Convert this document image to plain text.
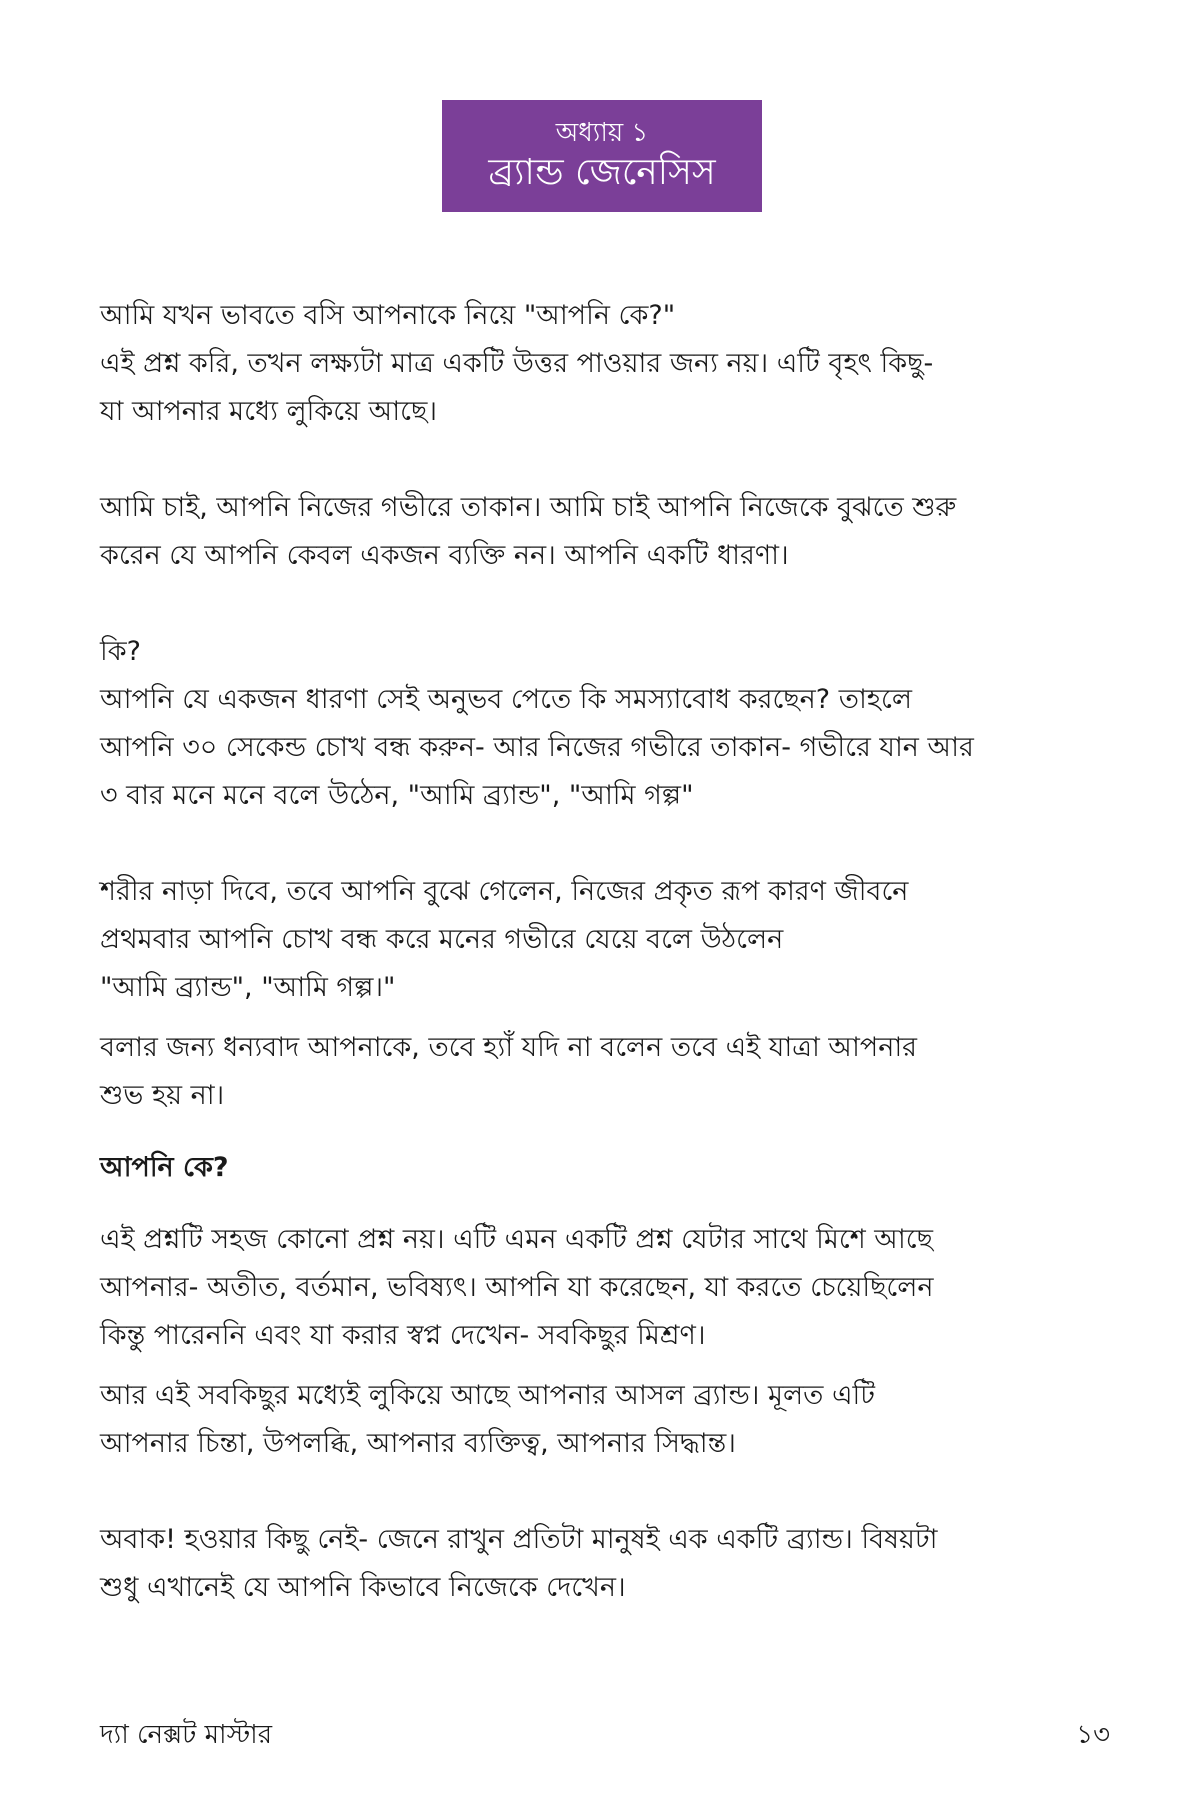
অধ্যায় ১
ব্র্যান্ড জেনেসিস

আমি যখন ভাবতে বসি আপনাকে নিয়ে "আপনি কে?"
এই প্রশ্ন করি, তখন লক্ষ্যটা মাত্র একটি উত্তর পাওয়ার জন্য নয়। এটি বৃহৎ কিছু-
যা আপনার মধ্যে লুকিয়ে আছে।

আমি চাই, আপনি নিজের গভীরে তাকান। আমি চাই আপনি নিজেকে বুঝতে শুরু
করেন যে আপনি কেবল একজন ব্যক্তি নন। আপনি একটি ধারণা।

কি?
আপনি যে একজন ধারণা সেই অনুভব পেতে কি সমস্যাবোধ করছেন? তাহলে
আপনি ৩০ সেকেন্ড চোখ বন্ধ করুন- আর নিজের গভীরে তাকান- গভীরে যান আর
৩ বার মনে মনে বলে উঠেন, "আমি ব্র্যান্ড", "আমি গল্প"

শরীর নাড়া দিবে, তবে আপনি বুঝে গেলেন, নিজের প্রকৃত রূপ কারণ জীবনে
প্রথমবার আপনি চোখ বন্ধ করে মনের গভীরে যেয়ে বলে উঠলেন
"আমি ব্র্যান্ড", "আমি গল্প।"

বলার জন্য ধন্যবাদ আপনাকে, তবে হ্যাঁ যদি না বলেন তবে এই যাত্রা আপনার
শুভ হয় না।

আপনি কে?

এই প্রশ্নটি সহজ কোনো প্রশ্ন নয়। এটি এমন একটি প্রশ্ন যেটার সাথে মিশে আছে
আপনার- অতীত, বর্তমান, ভবিষ্যৎ। আপনি যা করেছেন, যা করতে চেয়েছিলেন
কিন্তু পারেননি এবং যা করার স্বপ্ন দেখেন- সবকিছুর মিশ্রণ।

আর এই সবকিছুর মধ্যেই লুকিয়ে আছে আপনার আসল ব্র্যান্ড। মূলত এটি
আপনার চিন্তা, উপলব্ধি, আপনার ব্যক্তিত্ব, আপনার সিদ্ধান্ত।

অবাক! হওয়ার কিছু নেই- জেনে রাখুন প্রতিটা মানুষই এক একটি ব্র্যান্ড। বিষয়টা
শুধু এখানেই যে আপনি কিভাবে নিজেকে দেখেন।

দ্যা নেক্সট মাস্টার	১৩
